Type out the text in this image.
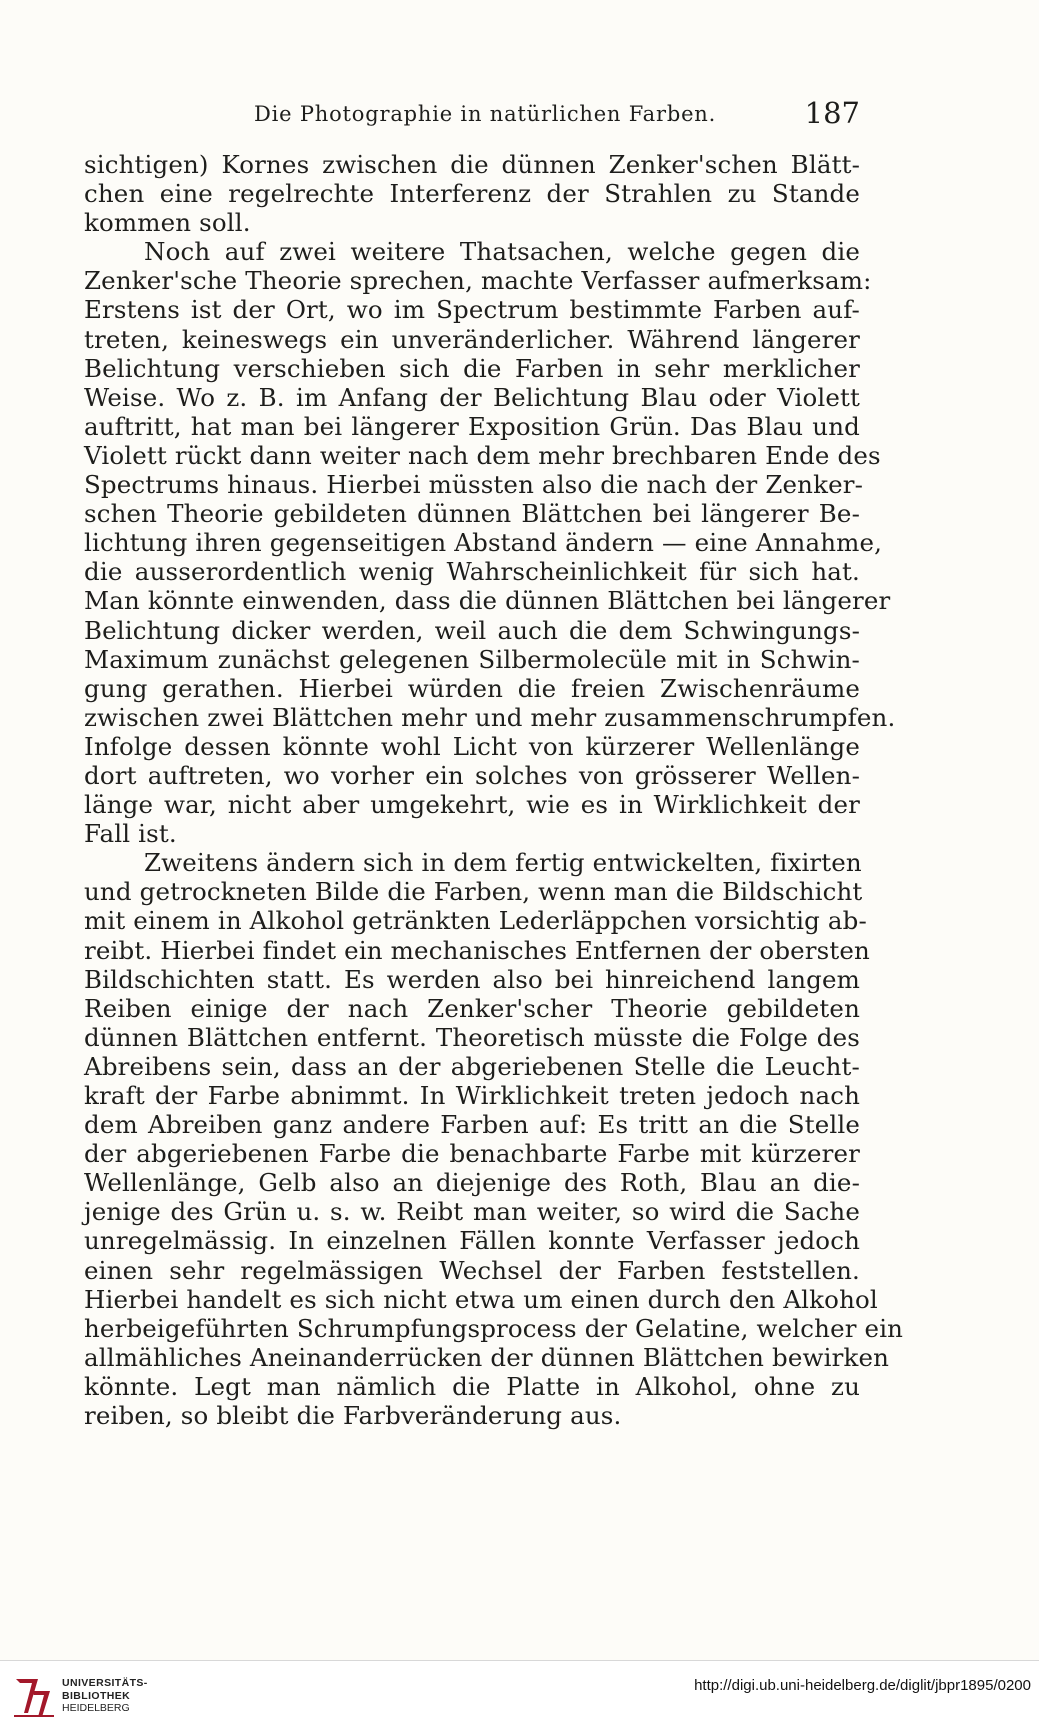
Die Photographie in natürlichen Farben.	187
sichtigen) Kornes zwischen die dünnen Zenker'schen Blätt-
chen eine regelrechte Interferenz der Strahlen zu Stande
kommen soll.
Noch auf zwei weitere Thatsachen, welche gegen die
Zenker'sche Theorie sprechen, machte Verfasser aufmerksam:
Erstens ist der Ort, wo im Spectrum bestimmte Farben auf-
treten, keineswegs ein unveränderlicher. Während längerer
Belichtung verschieben sich die Farben in sehr merklicher
Weise. Wo z. B. im Anfang der Belichtung Blau oder Violett
auftritt, hat man bei längerer Exposition Grün. Das Blau und
Violett rückt dann weiter nach dem mehr brechbaren Ende des
Spectrums hinaus. Hierbei müssten also die nach der Zenker-
schen Theorie gebildeten dünnen Blättchen bei längerer Be-
lichtung ihren gegenseitigen Abstand ändern — eine Annahme,
die ausserordentlich wenig Wahrscheinlichkeit für sich hat.
Man könnte einwenden, dass die dünnen Blättchen bei längerer
Belichtung dicker werden, weil auch die dem Schwingungs-
Maximum zunächst gelegenen Silbermolecüle mit in Schwin-
gung gerathen. Hierbei würden die freien Zwischenräume
zwischen zwei Blättchen mehr und mehr zusammenschrumpfen.
Infolge dessen könnte wohl Licht von kürzerer Wellenlänge
dort auftreten, wo vorher ein solches von grösserer Wellen-
länge war, nicht aber umgekehrt, wie es in Wirklichkeit der
Fall ist.
Zweitens ändern sich in dem fertig entwickelten, fixirten
und getrockneten Bilde die Farben, wenn man die Bildschicht
mit einem in Alkohol getränkten Lederläppchen vorsichtig ab-
reibt. Hierbei findet ein mechanisches Entfernen der obersten
Bildschichten statt. Es werden also bei hinreichend langem
Reiben einige der nach Zenker'scher Theorie gebildeten
dünnen Blättchen entfernt. Theoretisch müsste die Folge des
Abreibens sein, dass an der abgeriebenen Stelle die Leucht-
kraft der Farbe abnimmt. In Wirklichkeit treten jedoch nach
dem Abreiben ganz andere Farben auf: Es tritt an die Stelle
der abgeriebenen Farbe die benachbarte Farbe mit kürzerer
Wellenlänge, Gelb also an diejenige des Roth, Blau an die-
jenige des Grün u. s. w. Reibt man weiter, so wird die Sache
unregelmässig. In einzelnen Fällen konnte Verfasser jedoch
einen sehr regelmässigen Wechsel der Farben feststellen.
Hierbei handelt es sich nicht etwa um einen durch den Alkohol
herbeigeführten Schrumpfungsprocess der Gelatine, welcher ein
allmähliches Aneinanderrücken der dünnen Blättchen bewirken
könnte. Legt man nämlich die Platte in Alkohol, ohne zu
reiben, so bleibt die Farbveränderung aus.
UNIVERSITÄTS-
BIBLIOTHEK
HEIDELBERG
http://digi.ub.uni-heidelberg.de/diglit/jbpr1895/0200
